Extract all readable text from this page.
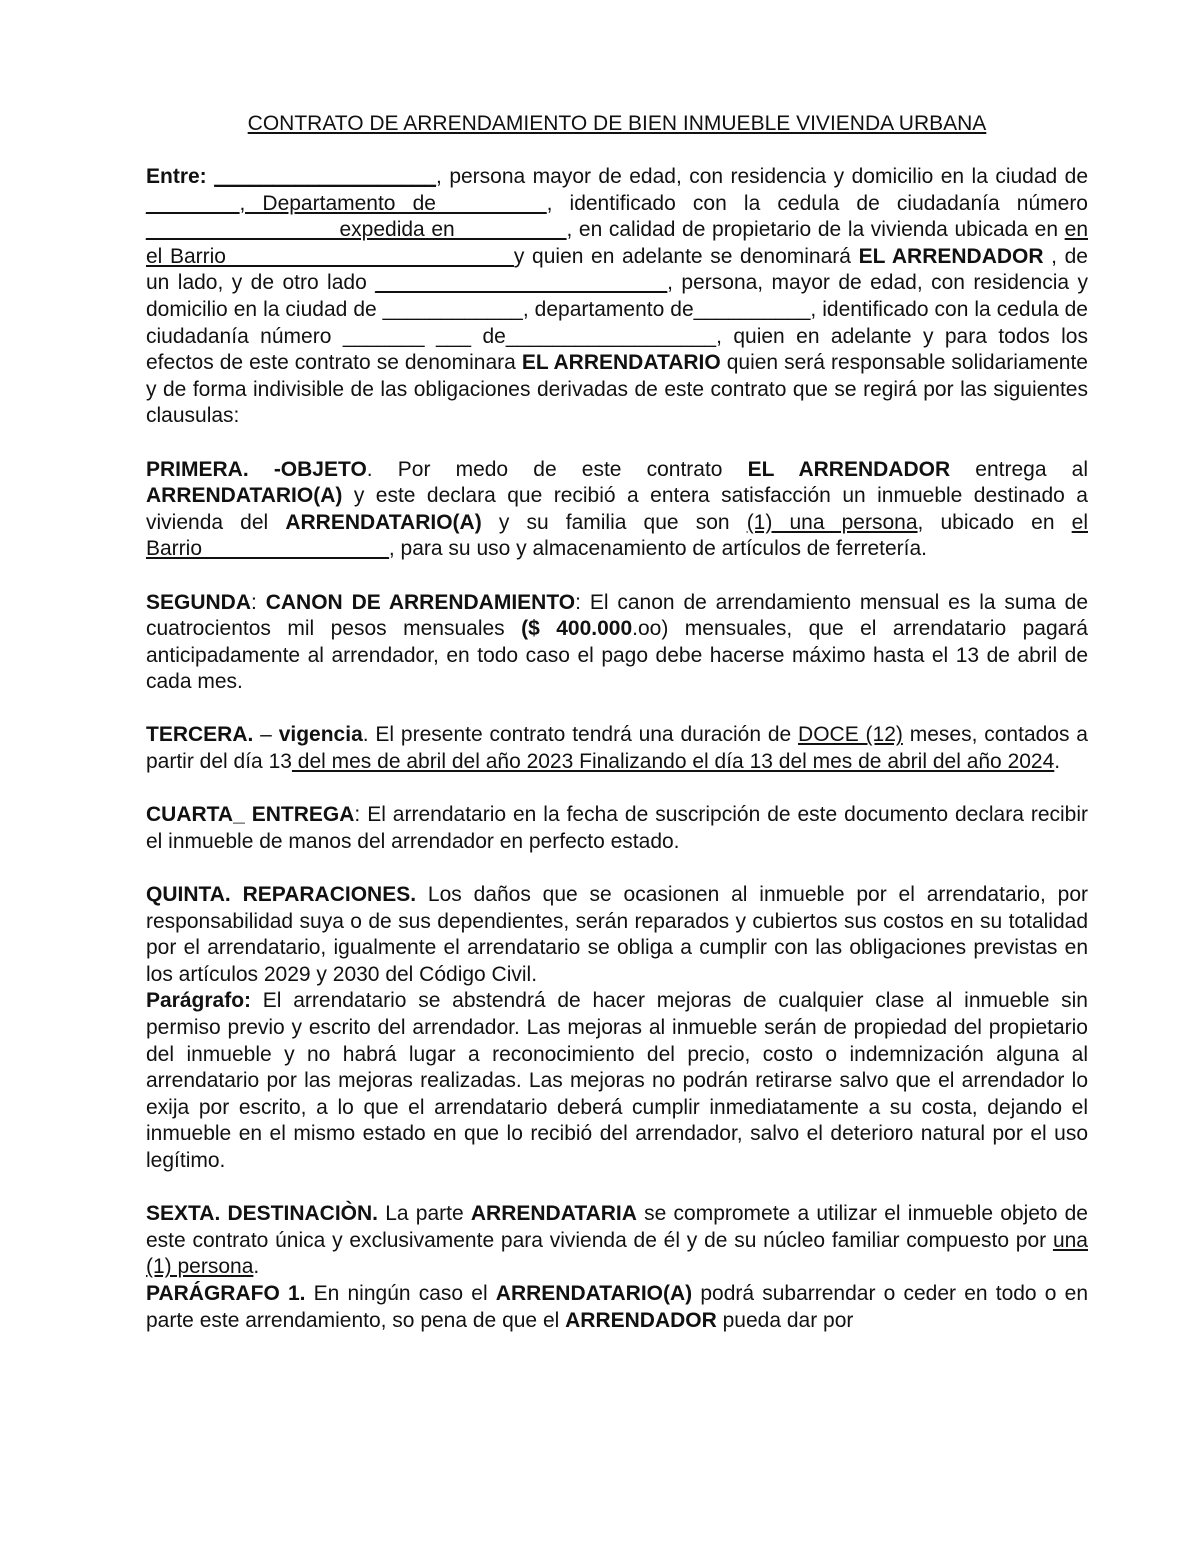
CONTRATO DE ARRENDAMIENTO DE BIEN INMUEBLE VIVIENDA URBANA

Entre: ___________________, persona mayor de edad, con residencia y domicilio en la ciudad de ________, Departamento de ________, identificado con la cedula de ciudadanía número ________________ expedida en _________, en calidad de propietario de la vivienda ubicada en en el Barrio ________________________y quien en adelante se denominará EL ARRENDADOR , de un lado, y de otro lado _________________________, persona, mayor de edad, con residencia y domicilio en la ciudad de ____________, departamento de__________, identificado con la cedula de ciudadanía número _______ ___ de__________________, quien en adelante y para todos los efectos de este contrato se denominara EL ARRENDATARIO quien será responsable solidariamente y de forma indivisible de las obligaciones derivadas de este contrato que se regirá por las siguientes clausulas:

PRIMERA. -OBJETO. Por medo de este contrato EL ARRENDADOR entrega al ARRENDATARIO(A) y este declara que recibió a entera satisfacción un inmueble destinado a vivienda del ARRENDATARIO(A) y su familia que son (1) una persona, ubicado en el Barrio________________, para su uso y almacenamiento de artículos de ferretería.

SEGUNDA: CANON DE ARRENDAMIENTO: El canon de arrendamiento mensual es la suma de cuatrocientos mil pesos mensuales ($ 400.000.oo) mensuales, que el arrendatario pagará anticipadamente al arrendador, en todo caso el pago debe hacerse máximo hasta el 13 de abril de cada mes.

TERCERA. – vigencia. El presente contrato tendrá una duración de DOCE (12) meses, contados a partir del día 13 del mes de abril del año 2023 Finalizando el día 13 del mes de abril del año 2024.

CUARTA_ ENTREGA: El arrendatario en la fecha de suscripción de este documento declara recibir el inmueble de manos del arrendador en perfecto estado.

QUINTA. REPARACIONES. Los daños que se ocasionen al inmueble por el arrendatario, por responsabilidad suya o de sus dependientes, serán reparados y cubiertos sus costos en su totalidad por el arrendatario, igualmente el arrendatario se obliga a cumplir con las obligaciones previstas en los artículos 2029 y 2030 del Código Civil.

Parágrafo: El arrendatario se abstendrá de hacer mejoras de cualquier clase al inmueble sin permiso previo y escrito del arrendador. Las mejoras al inmueble serán de propiedad del propietario del inmueble y no habrá lugar a reconocimiento del precio, costo o indemnización alguna al arrendatario por las mejoras realizadas. Las mejoras no podrán retirarse salvo que el arrendador lo exija por escrito, a lo que el arrendatario deberá cumplir inmediatamente a su costa, dejando el inmueble en el mismo estado en que lo recibió del arrendador, salvo el deterioro natural por el uso legítimo.

SEXTA. DESTINACIÒN. La parte ARRENDATARIA se compromete a utilizar el inmueble objeto de este contrato única y exclusivamente para vivienda de él y de su núcleo familiar compuesto por una (1) persona.

PARÁGRAFO 1. En ningún caso el ARRENDATARIO(A) podrá subarrendar o ceder en todo o en parte este arrendamiento, so pena de que el ARRENDADOR pueda dar por
